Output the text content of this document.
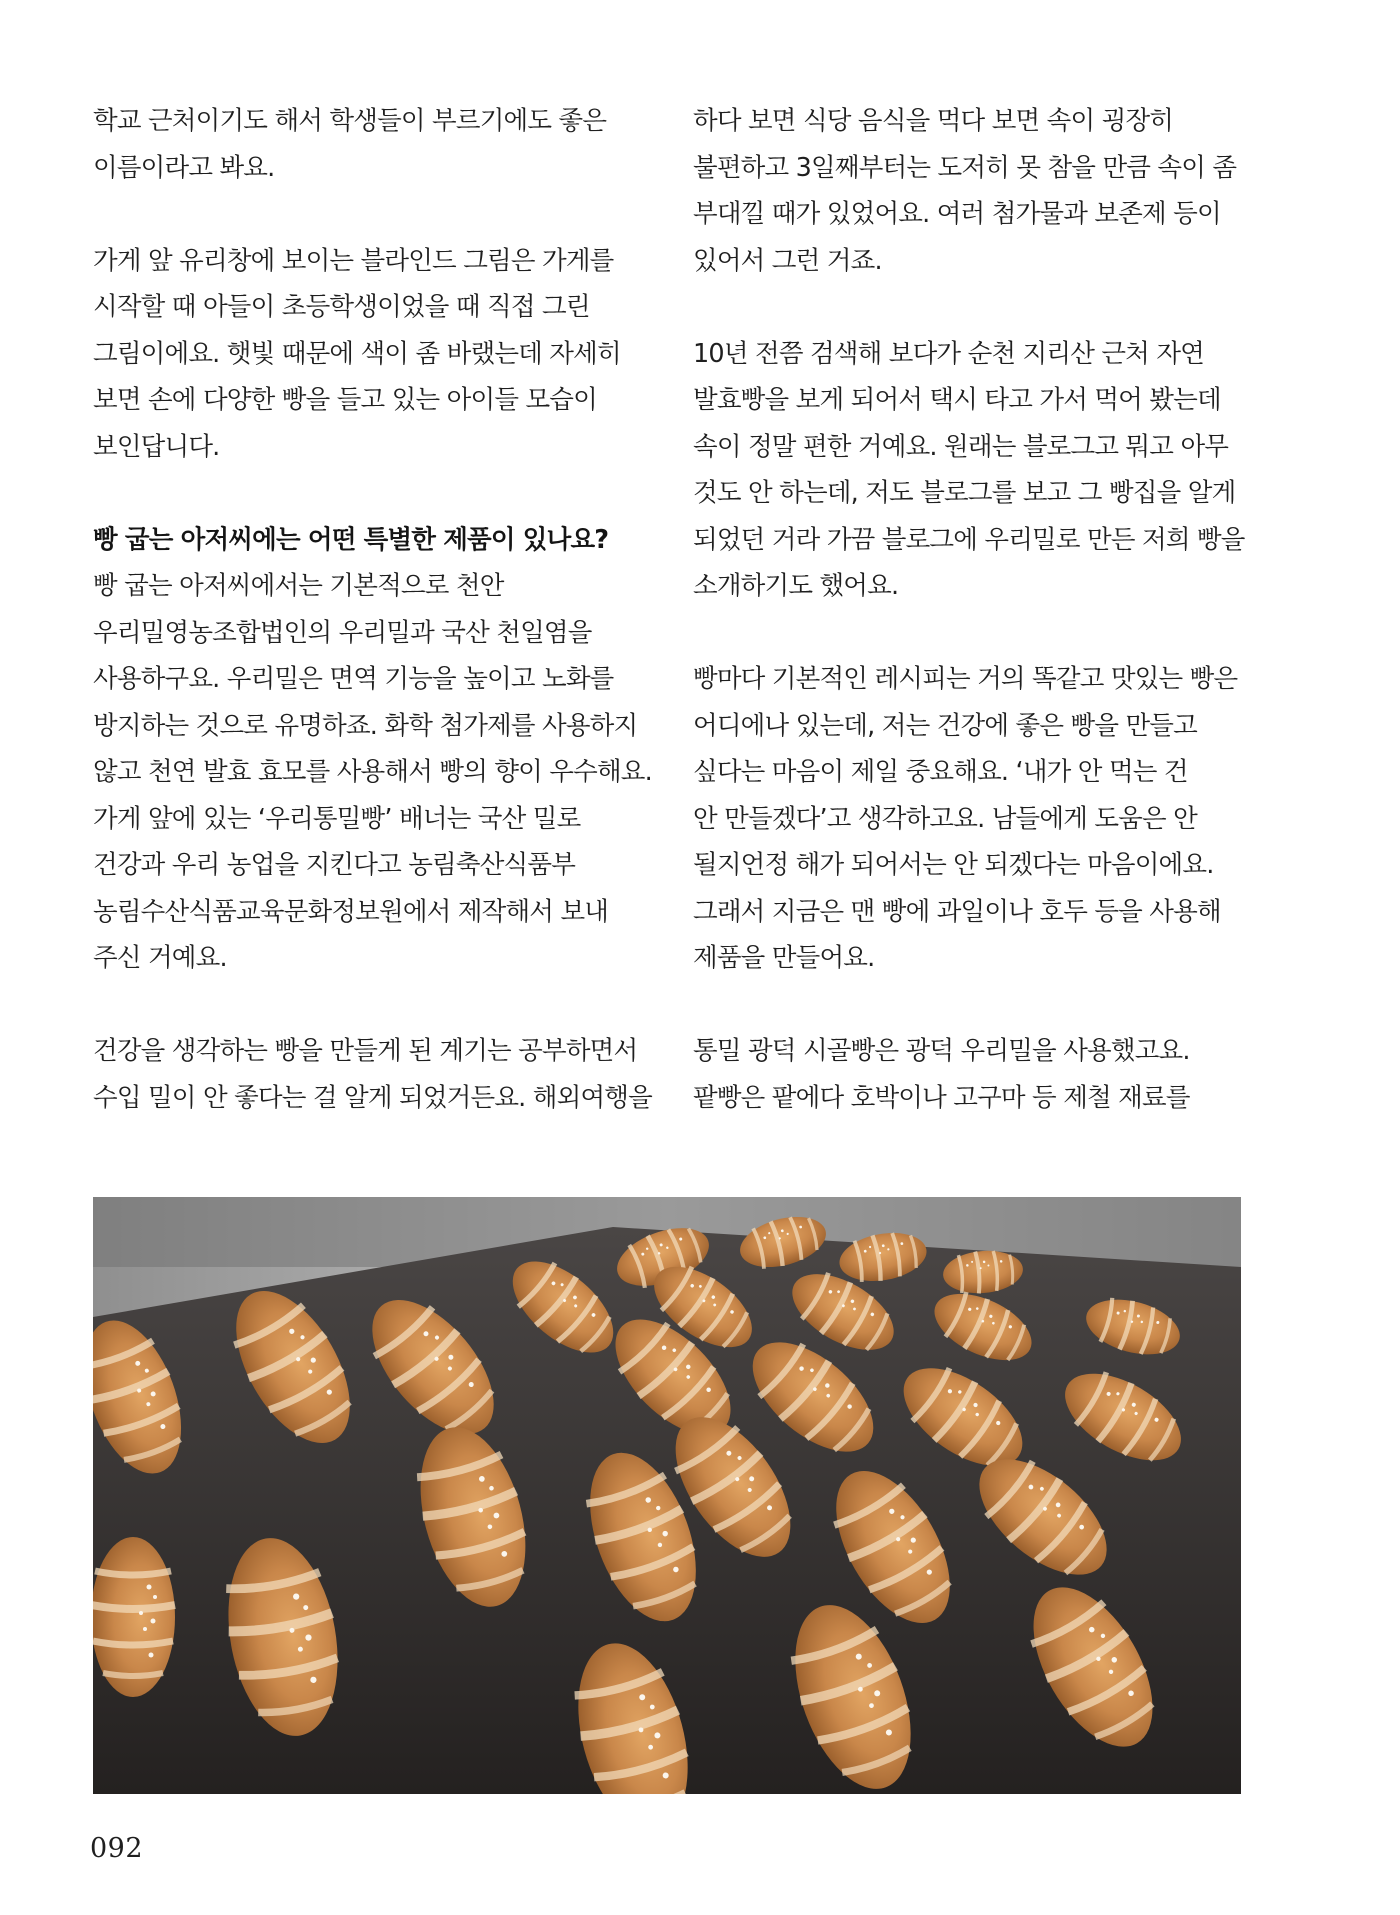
학교 근처이기도 해서 학생들이 부르기에도 좋은
이름이라고 봐요.
가게 앞 유리창에 보이는 블라인드 그림은 가게를
시작할 때 아들이 초등학생이었을 때 직접 그린
그림이에요. 햇빛 때문에 색이 좀 바랬는데 자세히
보면 손에 다양한 빵을 들고 있는 아이들 모습이
보인답니다.
빵 굽는 아저씨에는 어떤 특별한 제품이 있나요?
빵 굽는 아저씨에서는 기본적으로 천안
우리밀영농조합법인의 우리밀과 국산 천일염을
사용하구요. 우리밀은 면역 기능을 높이고 노화를
방지하는 것으로 유명하죠. 화학 첨가제를 사용하지
않고 천연 발효 효모를 사용해서 빵의 향이 우수해요.
가게 앞에 있는 ‘우리통밀빵’ 배너는 국산 밀로
건강과 우리 농업을 지킨다고 농림축산식품부
농림수산식품교육문화정보원에서 제작해서 보내
주신 거예요.
건강을 생각하는 빵을 만들게 된 계기는 공부하면서
수입 밀이 안 좋다는 걸 알게 되었거든요. 해외여행을
하다 보면 식당 음식을 먹다 보면 속이 굉장히
불편하고 3일째부터는 도저히 못 참을 만큼 속이 좀
부대낄 때가 있었어요. 여러 첨가물과 보존제 등이
있어서 그런 거죠.
10년 전쯤 검색해 보다가 순천 지리산 근처 자연
발효빵을 보게 되어서 택시 타고 가서 먹어 봤는데
속이 정말 편한 거예요. 원래는 블로그고 뭐고 아무
것도 안 하는데, 저도 블로그를 보고 그 빵집을 알게
되었던 거라 가끔 블로그에 우리밀로 만든 저희 빵을
소개하기도 했어요.
빵마다 기본적인 레시피는 거의 똑같고 맛있는 빵은
어디에나 있는데, 저는 건강에 좋은 빵을 만들고
싶다는 마음이 제일 중요해요. ‘내가 안 먹는 건
안 만들겠다’고 생각하고요. 남들에게 도움은 안
될지언정 해가 되어서는 안 되겠다는 마음이에요.
그래서 지금은 맨 빵에 과일이나 호두 등을 사용해
제품을 만들어요.
통밀 광덕 시골빵은 광덕 우리밀을 사용했고요.
팥빵은 팥에다 호박이나 고구마 등 제철 재료를
092
